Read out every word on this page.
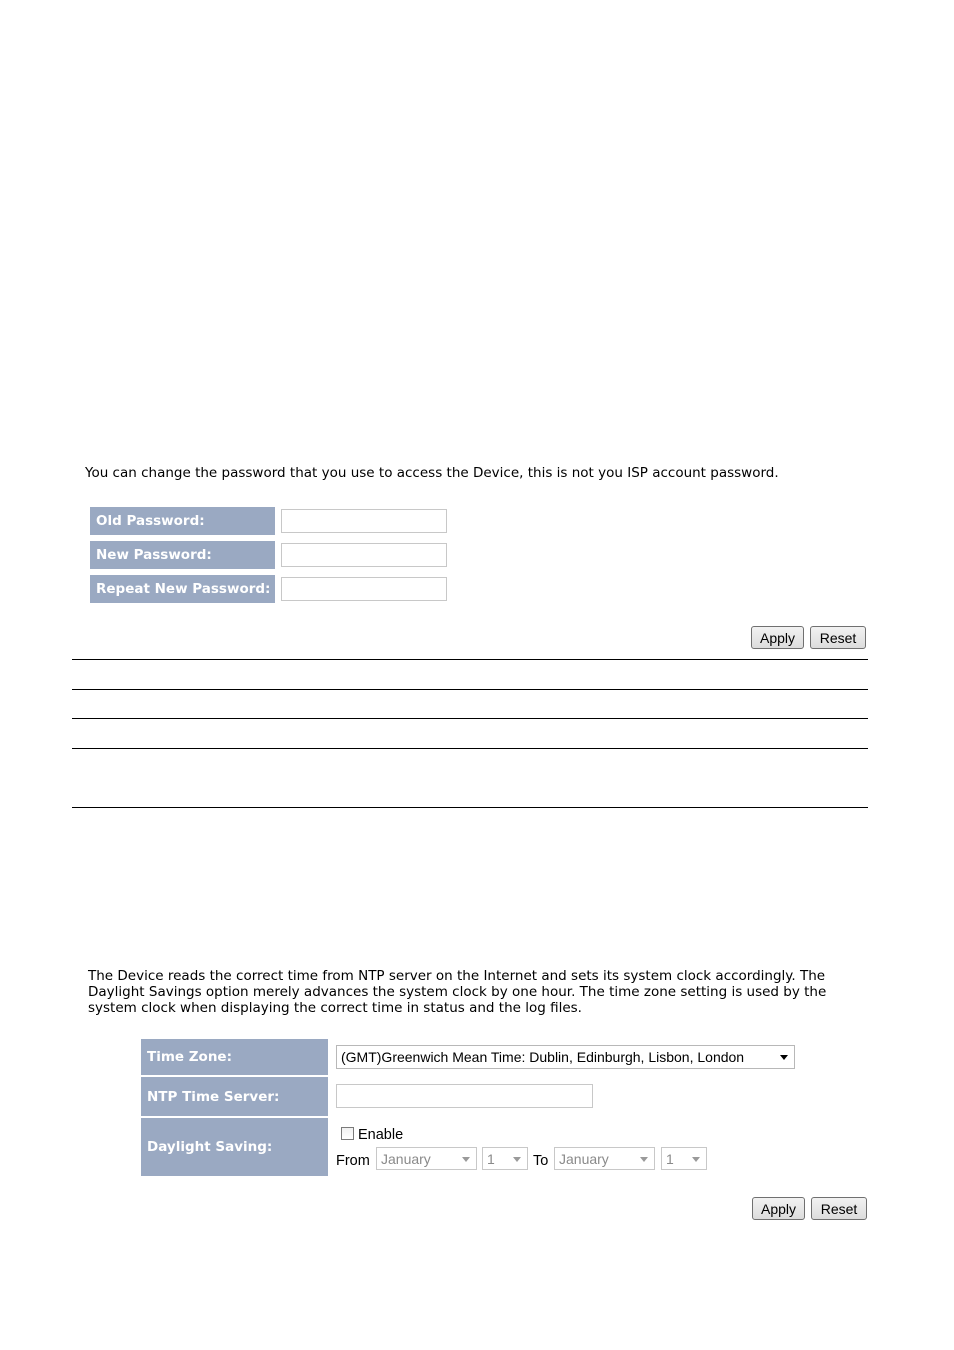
You can change the password that you use to access the Device, this is not you ISP account password.
Old Password:
New Password:
Repeat New Password:
Apply	Reset
The Device reads the correct time from NTP server on the Internet and sets its system clock accordingly. The
Daylight Savings option merely advances the system clock by one hour. The time zone setting is used by the
system clock when displaying the correct time in status and the log files.
Time Zone:	(GMT)Greenwich Mean Time: Dublin, Edinburgh, Lisbon, London
NTP Time Server:
Daylight Saving:
Enable
From January	1	To January	1
Apply	Reset
